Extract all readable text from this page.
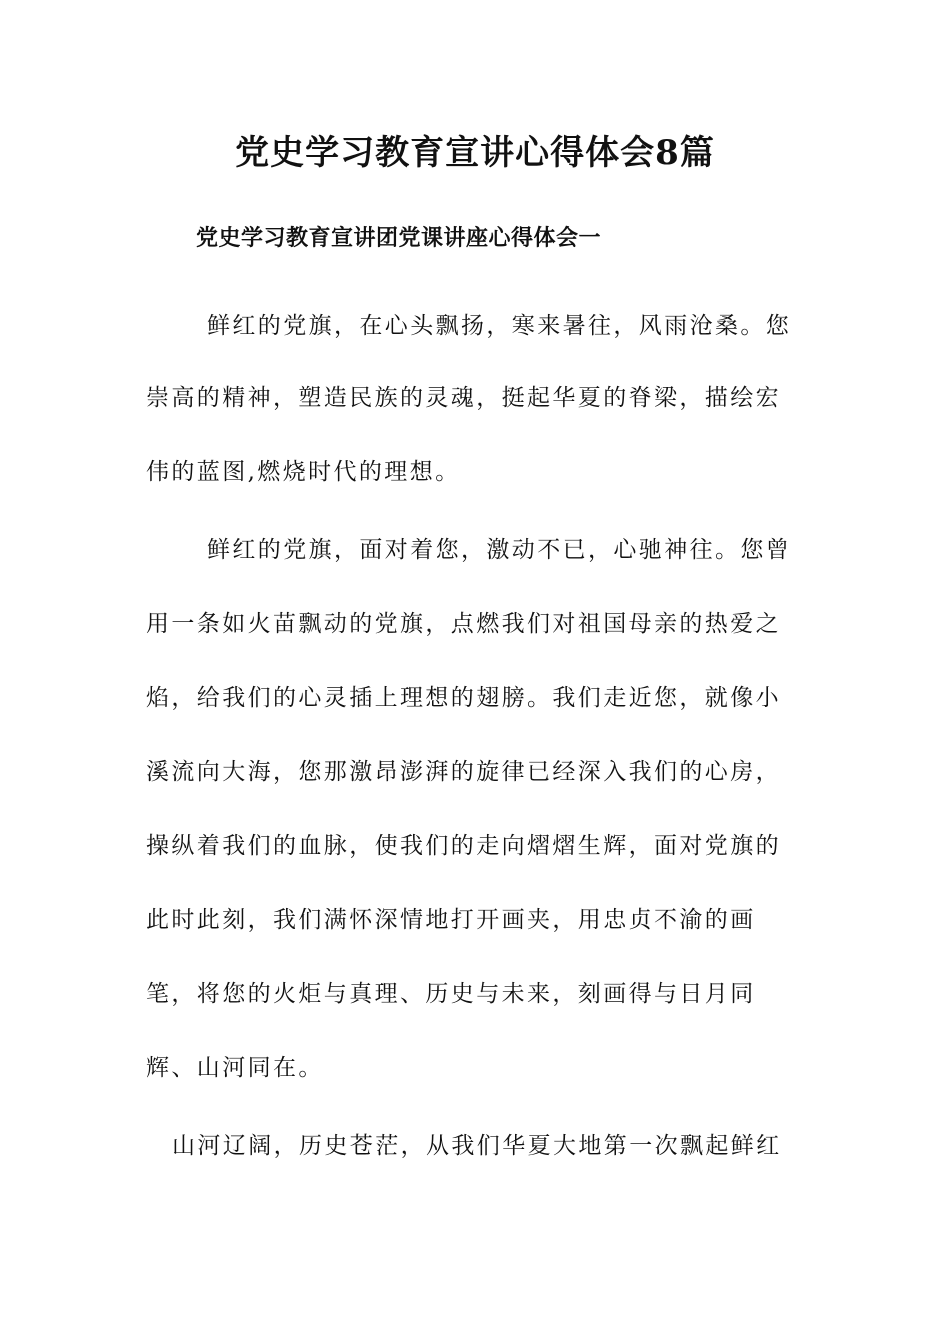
党史学习教育宣讲心得体会8篇
党史学习教育宣讲团党课讲座心得体会一

鲜红的党旗，在心头飘扬，寒来暑往，风雨沧桑。您

崇高的精神，塑造民族的灵魂，挺起华夏的脊梁，描绘宏

伟的蓝图,燃烧时代的理想。

鲜红的党旗，面对着您，激动不已，心驰神往。您曾

用一条如火苗飘动的党旗，点燃我们对祖国母亲的热爱之

焰，给我们的心灵插上理想的翅膀。我们走近您，就像小

溪流向大海，您那激昂澎湃的旋律已经深入我们的心房，

操纵着我们的血脉，使我们的走向熠熠生辉，面对党旗的

此时此刻，我们满怀深情地打开画夹，用忠贞不渝的画

笔，将您的火炬与真理、历史与未来，刻画得与日月同

辉、山河同在。

山河辽阔，历史苍茫，从我们华夏大地第一次飘起鲜红
